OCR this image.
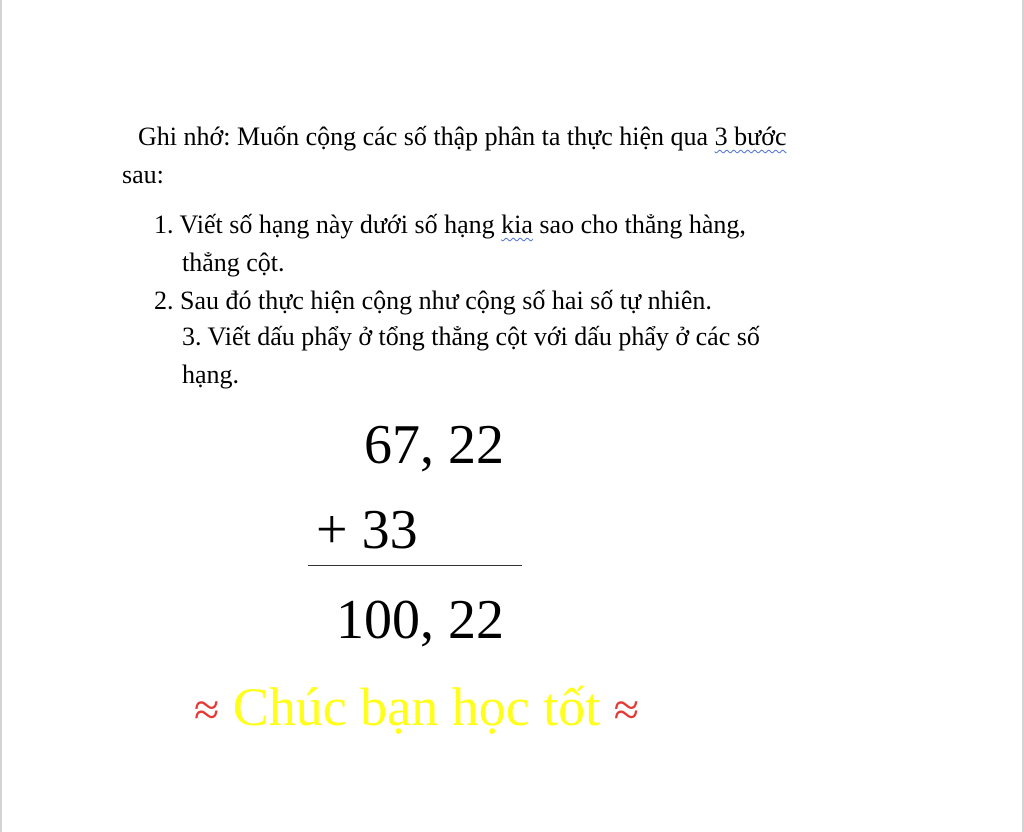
Ghi nhớ: Muốn cộng các số thập phân ta thực hiện qua 3 bước
sau:
1. Viết số hạng này dưới số hạng kia sao cho thẳng hàng,
thẳng cột.
2. Sau đó thực hiện cộng như cộng số hai số tự nhiên.
3. Viết dấu phẩy ở tổng thẳng cột với dấu phẩy ở các số
hạng.
67, 22
+ 33
100, 22
≈ Chúc bạn học tốt ≈
